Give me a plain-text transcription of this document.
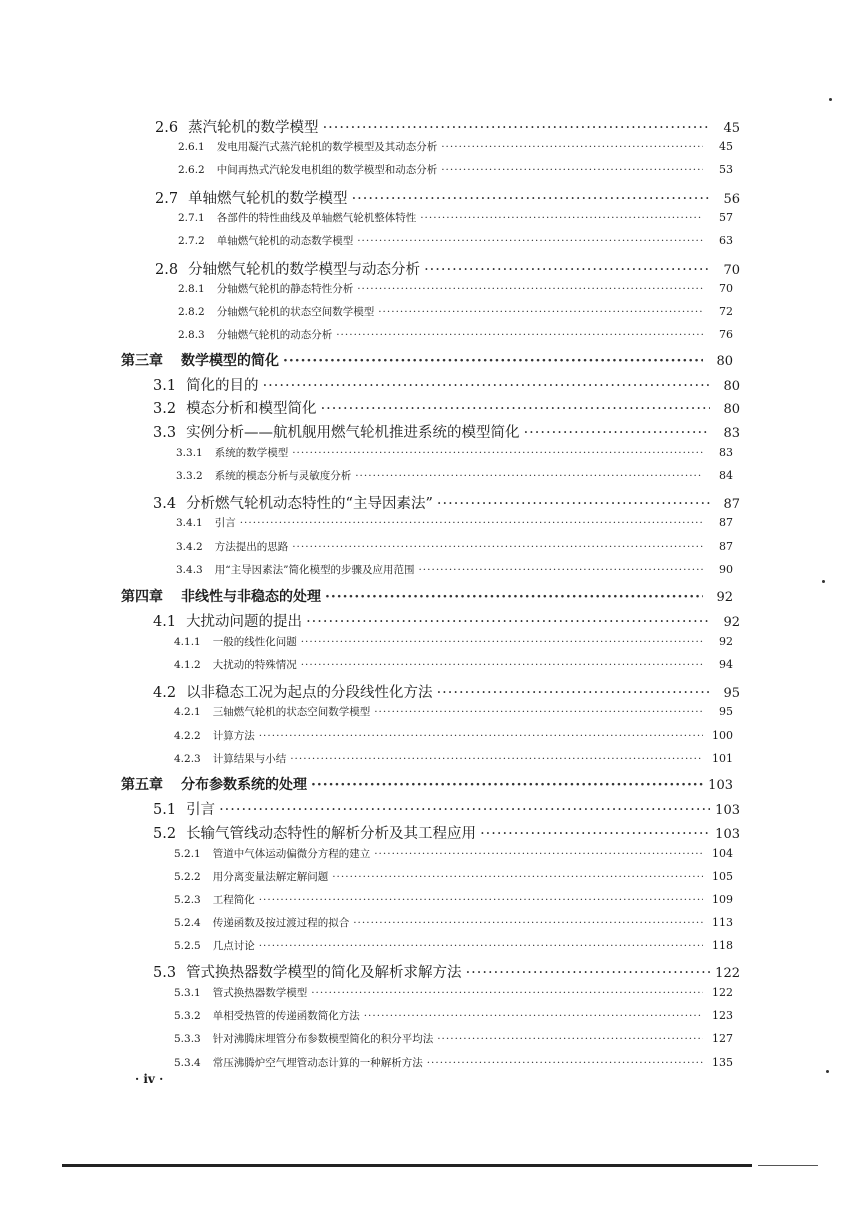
2.6 蒸汽轮机的数学模型 ·····	45
2.6.1 发电用凝汽式蒸汽轮机的数学模型及其动态分析 ·····	45
2.6.2 中间再热式汽轮发电机组的数学模型和动态分析 ·····	53
2.7 单轴燃气轮机的数学模型 ·····	56
2.7.1 各部件的特性曲线及单轴燃气轮机整体特性 ·····	57
2.7.2 单轴燃气轮机的动态数学模型 ·····	63
2.8 分轴燃气轮机的数学模型与动态分析 ·····	70
2.8.1 分轴燃气轮机的静态特性分析 ·····	70
2.8.2 分轴燃气轮机的状态空间数学模型 ·····	72
2.8.3 分轴燃气轮机的动态分析 ·····	76
第三章 数学模型的简化 ·····	80
3.1 简化的目的 ·····	80
3.2 模态分析和模型简化 ·····	80
3.3 实例分析——航机舰用燃气轮机推进系统的模型简化 ·····	83
3.3.1 系统的数学模型 ·····	83
3.3.2 系统的模态分析与灵敏度分析 ·····	84
3.4 分析燃气轮机动态特性的“主导因素法” ·····	87
3.4.1 引言 ·····	87
3.4.2 方法提出的思路 ·····	87
3.4.3 用“主导因素法”简化模型的步骤及应用范围 ·····	90
第四章 非线性与非稳态的处理 ·····	92
4.1 大扰动问题的提出 ·····	92
4.1.1 一般的线性化问题 ·····	92
4.1.2 大扰动的特殊情况 ·····	94
4.2 以非稳态工况为起点的分段线性化方法 ·····	95
4.2.1 三轴燃气轮机的状态空间数学模型 ·····	95
4.2.2 计算方法 ·····	100
4.2.3 计算结果与小结 ·····	101
第五章 分布参数系统的处理 ·····	103
5.1 引言 ·····	103
5.2 长输气管线动态特性的解析分析及其工程应用 ·····	103
5.2.1 管道中气体运动偏微分方程的建立 ·····	104
5.2.2 用分离变量法解定解问题 ·····	105
5.2.3 工程简化 ·····	109
5.2.4 传递函数及按过渡过程的拟合 ·····	113
5.2.5 几点讨论 ·····	118
5.3 管式换热器数学模型的简化及解析求解方法 ·····	122
5.3.1 管式换热器数学模型 ·····	122
5.3.2 单相受热管的传递函数简化方法 ·····	123
5.3.3 针对沸腾床埋管分布参数模型简化的积分平均法 ·····	127
5.3.4 常压沸腾炉空气埋管动态计算的一种解析方法 ·····	135
· iv ·
